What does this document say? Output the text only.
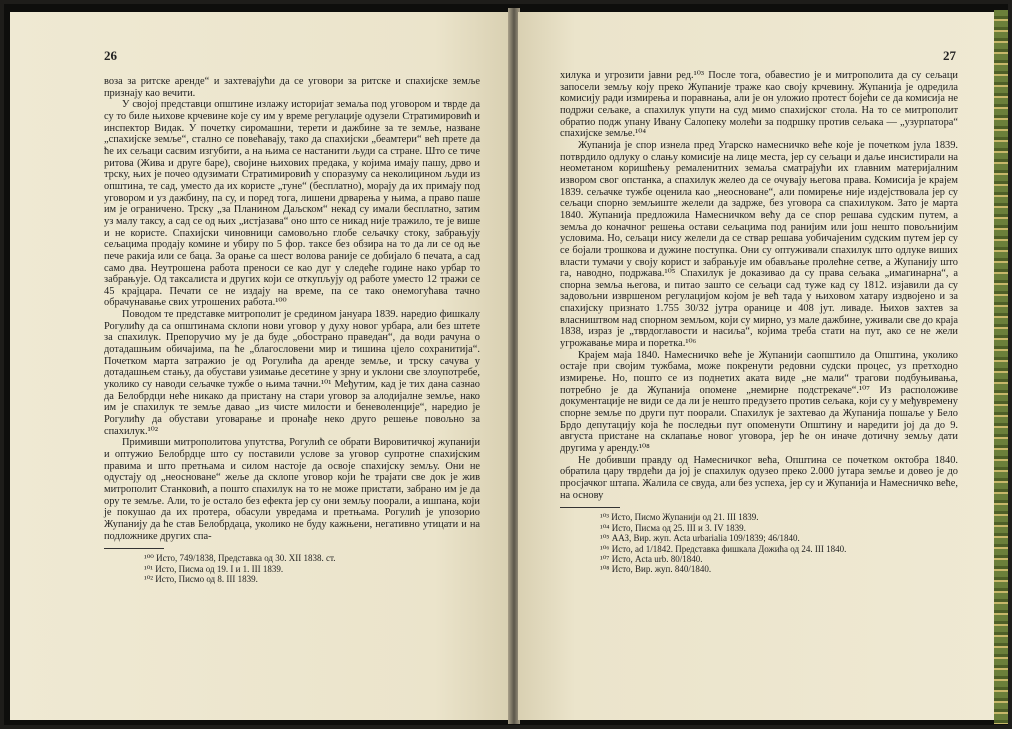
26

воза за ритске аренде“ и захтевајући да се уговори за ритске и спахијске земље признају као вечити.

У својој представци општине излажу историјат земаља под уговором и тврде да су то биле њихове крчевине које су им у време регулације одузели Стратимировић и инспектор Видак. У почетку сиромашни, терети и дажбине за те земље, назване „спахијске земље“, стално се повећавају, тако да спахијски „беамтери“ већ прете да ће их сељаци сасвим изгубити, а на њима се настанити људи са стране. Што се тиче ритова (Жива и друге баре), својине њихових предака, у којима имају пашу, дрво и трску, њих је почео одузимати Стратимировић у споразуму са неколицином људи из општина, те сад, уместо да их користе „туне“ (бесплатно), морају да их примају под уговором и уз дажбину, па су, и поред тога, лишени дрварења у њима, а право пашe им је ограничено. Трску „за Планином Даљском“ некад су имали бесплатно, затим уз малу таксу, а сад се од њих „истјазава“ оно што се никад није тражило, те је више и не користе. Спахијски чиновници самовољно глобе сељачку стоку, забрањују сељацима продају комине и убиру по 5 фор. таксе без обзира на то да ли се од ње пече ракија или се баца. За орање са шест волова раније се добијало 6 печата, а сад само два. Неутрошена работа преноси се као дуг у следеће године нако урбар то забрањује. Од таксалиста и других који се откупљују од работе уместо 12 тражи се 45 крајцара. Печати се не издају на време, па се тако онемогућава тачно обрачунавање свих утрошених работа.¹⁰⁰

Поводом те представке митрополит је средином јануара 1839. наредио фишкалу Рогулићу да са општинама склопи нови уговор у духу новог урбара, али без штете за спахилук. Препоручио му је да буде „обострано праведан“, да води рачуна о дотадашњим обичајима, па ће „благословени мир и тишина цјело сохранитија“. Почетком марта затражио је од Рогулића да аренде земље, и трску сачува у дотадашњем стању, да обустави узимање десетине у зрну и уклони све злоупотребе, уколико су наводи сељачке тужбе о њима тачни.¹⁰¹ Међутим, кад је тих дана сазнао да Белобрдци неће никако да пристану на стари уговор за алодијалне земље, нако им је спахилук те земље давао „из чисте милости и беневоленције“, наредио је Рогулићу да обустави уговарање и пронађе неко друго решење повољно за спахилук.¹⁰²

Примивши митрополитова упутства, Рогулић се обрати Вировитичкој жупанији и оптужио Белобрдце што су поставили услове за уговор супротне спахијским правима и што претњама и силом настоје да освоје спахијску земљу. Они не одустају од „неосноване“ жеље да склопе уговор који ће трајати све док је жив митрополит Станковић, а пошто спахилук на то не може пристати, забрано им је да ору те земље. Али, то је остало без ефекта јер су они земљу поорали, а ишпана, који је покушао да их протера, обасули увредама и претњама. Рогулић је упозорио Жупанију да ће став Белобрдаца, уколико не буду кажњени, негативно утицати и на подложнике других спа-

¹⁰⁰ Исто, 749/1838, Представка од 30. XII 1838. ст.

¹⁰¹ Исто, Писма од 19. I и 1. III 1839.

¹⁰² Исто, Писмо од 8. III 1839.

27

хилука и угрозити јавни ред.¹⁰³ После тога, обавестио је и митрополита да су сељаци запосели земљу коју преко Жупаније траже као своју крчевину. Жупанија је одредила комисију ради измирења и поравнања, али је он уложио протест бојећи се да комисија не подржи сељаке, а спахилук упути на суд мимо спахијског стола. На то се митрополит обратио подж упану Ивану Салопеку молећи за подршку против сељака — „узурпатора“ спахијске земље.¹⁰⁴

Жупанија је спор изнела пред Угарско намесничко веће које је почетком јула 1839. потврдило одлуку о слању комисије на лице места, јер су сељаци и даље инсистирали на неометаном коришћењу ремаленитних земаља сматрајући их главним материјалним извором свог опстанка, а спахилук желео да се очувају његова права. Комисија је крајем 1839. сељачке тужбе оценила као „неосноване“, али помирење није издејствовала јер су сељаци спорно земљиште желели да задрже, без уговора са спахилуком. Зато је марта 1840. Жупанија предложила Намесничком већу да се спор решава судским путем, а земља до коначног решења остави сељацима под ранијим или још нешто повољнијим условима. Но, сељаци нису желели да се ствар решава уобичајеним судским путем јер су се бојали трошкова и дужине поступка. Они су оптуживали спахилук што одлуке виших власти тумачи у своју корист и забрањује им обављање пролећне сетве, а Жупанију што га, наводно, подржава.¹⁰⁵ Спахилук је доказивао да су права сељака „имагинарна“, а спорна земља његова, и питао зашто се сељаци сад туже кад су 1812. изјавили да су задовољни извршеном регулацијом којом је већ тада у њиховом хатару издвојено и за спахијску признато 1.755 30/32 јутра оранице и 408 јут. ливаде. Њихов захтев за власништвом над спорном земљом, који су мирно, уз мале дажбине, уживали све до краја 1838, израз је „тврдоглавости и насиља“, којима треба стати на пут, ако се не жели угрожавање мира и поретка.¹⁰⁶

Крајем маја 1840. Намесничко веће је Жупанији саопштило да Општина, уколико остаје при својим тужбама, може покренути редовни судски процес, уз претходно измирење. Но, пошто се из поднетих аката виде „не мали“ трагови подбуњивања, потребно је да Жупанија опомене „немирне подстрекаче“.¹⁰⁷ Из расположиве документације не види се да ли је нешто предузето против сељака, који су у међувремену спорне земље по други пут поорали. Спахилук је захтевао да Жупанија пошаље у Бело Брдо депутацију која ће последњи пут опоменути Општину и наредити јој да до 9. августа пристане на склапање новог уговора, јер ће он иначе дотичну земљу дати другима у аренду.¹⁰⁸

Не добивши правду од Намесничког већа, Општина се почетком октобра 1840. обратила цару тврдећи да јој је спахилук одузео преко 2.000 јутара земље и довео је до просјачког штапа. Жалила се свуда, али без успеха, јер су и Жупанија и Намесничко веће, на основу

¹⁰³ Исто, Писмо Жупанији од 21. III 1839.

¹⁰⁴ Исто, Писма од 25. III и 3. IV 1839.

¹⁰⁵ ААЗ, Вир. жуп. Acta urbarialia 109/1839; 46/1840.

¹⁰⁶ Исто, ad 1/1842. Представка фишкала Дожића од 24. III 1840.

¹⁰⁷ Исто, Acta urb. 80/1840.

¹⁰⁸ Исто, Вир. жуп. 840/1840.
